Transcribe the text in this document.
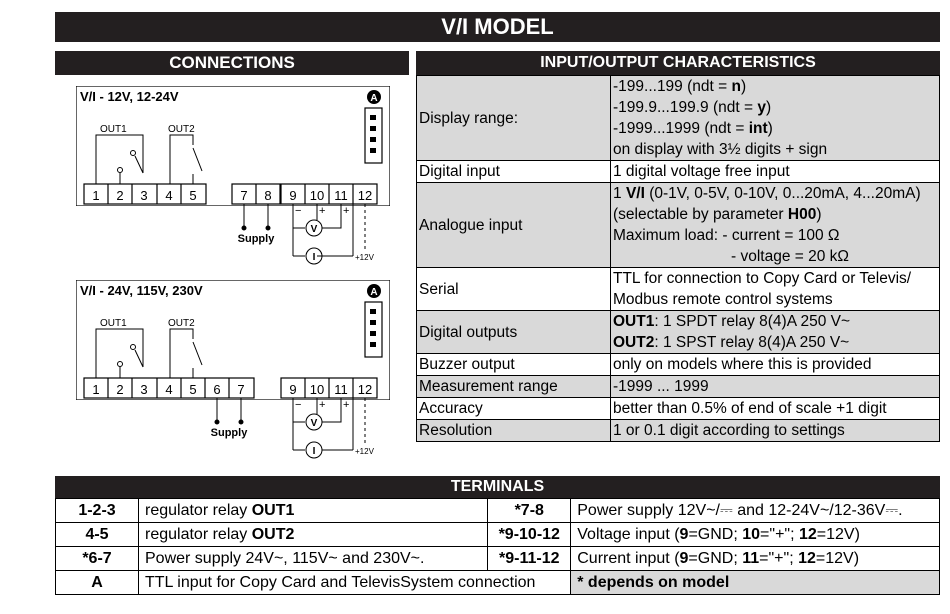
V/I MODEL
CONNECTIONS	INPUT/OUTPUT CHARACTERISTICS
V/I - 12V, 12-24V	A
OUT1	OUT2
1 2 3 4 5	7 8 9 10 11 12
Supply
− + +
V
I	+12V
V/I - 24V, 115V, 230V	A
OUT1	OUT2
1 2 3 4 5 6 7	9 10 11 12
Supply
− + +
V
I	+12V
Display range:	-199...199 (ndt = n)
-199.9...199.9 (ndt = y)
-1999...1999 (ndt = int)
on display with 3½ digits + sign

Digital input	1 digital voltage free input
Analogue input	1 V/I (0-1V, 0-5V, 0-10V, 0...20mA, 4...20mA)
(selectable by parameter H00)
Maximum load: - current = 100 Ω
- voltage = 20 kΩ

Serial	TTL for connection to Copy Card or Televis/
Modbus remote control systems

Digital outputs	OUT1: 1 SPDT relay 8(4)A 250 V~
OUT2: 1 SPST relay 8(4)A 250 V~

Buzzer output	only on models where this is provided
Measurement range	-1999 ... 1999
Accuracy	better than 0.5% of end of scale +1 digit
Resolution	1 or 0.1 digit according to settings
TERMINALS
1-2-3	regulator relay OUT1	*7-8	Power supply 12V~/⎓ and 12-24V~/12-36V⎓.
4-5	regulator relay OUT2	*9-10-12	Voltage input (9=GND; 10="+"; 12=12V)
*6-7	Power supply 24V~, 115V~ and 230V~.	*9-11-12	Current input (9=GND; 11="+"; 12=12V)
A	TTL input for Copy Card and TelevisSystem connection		* depends on model
